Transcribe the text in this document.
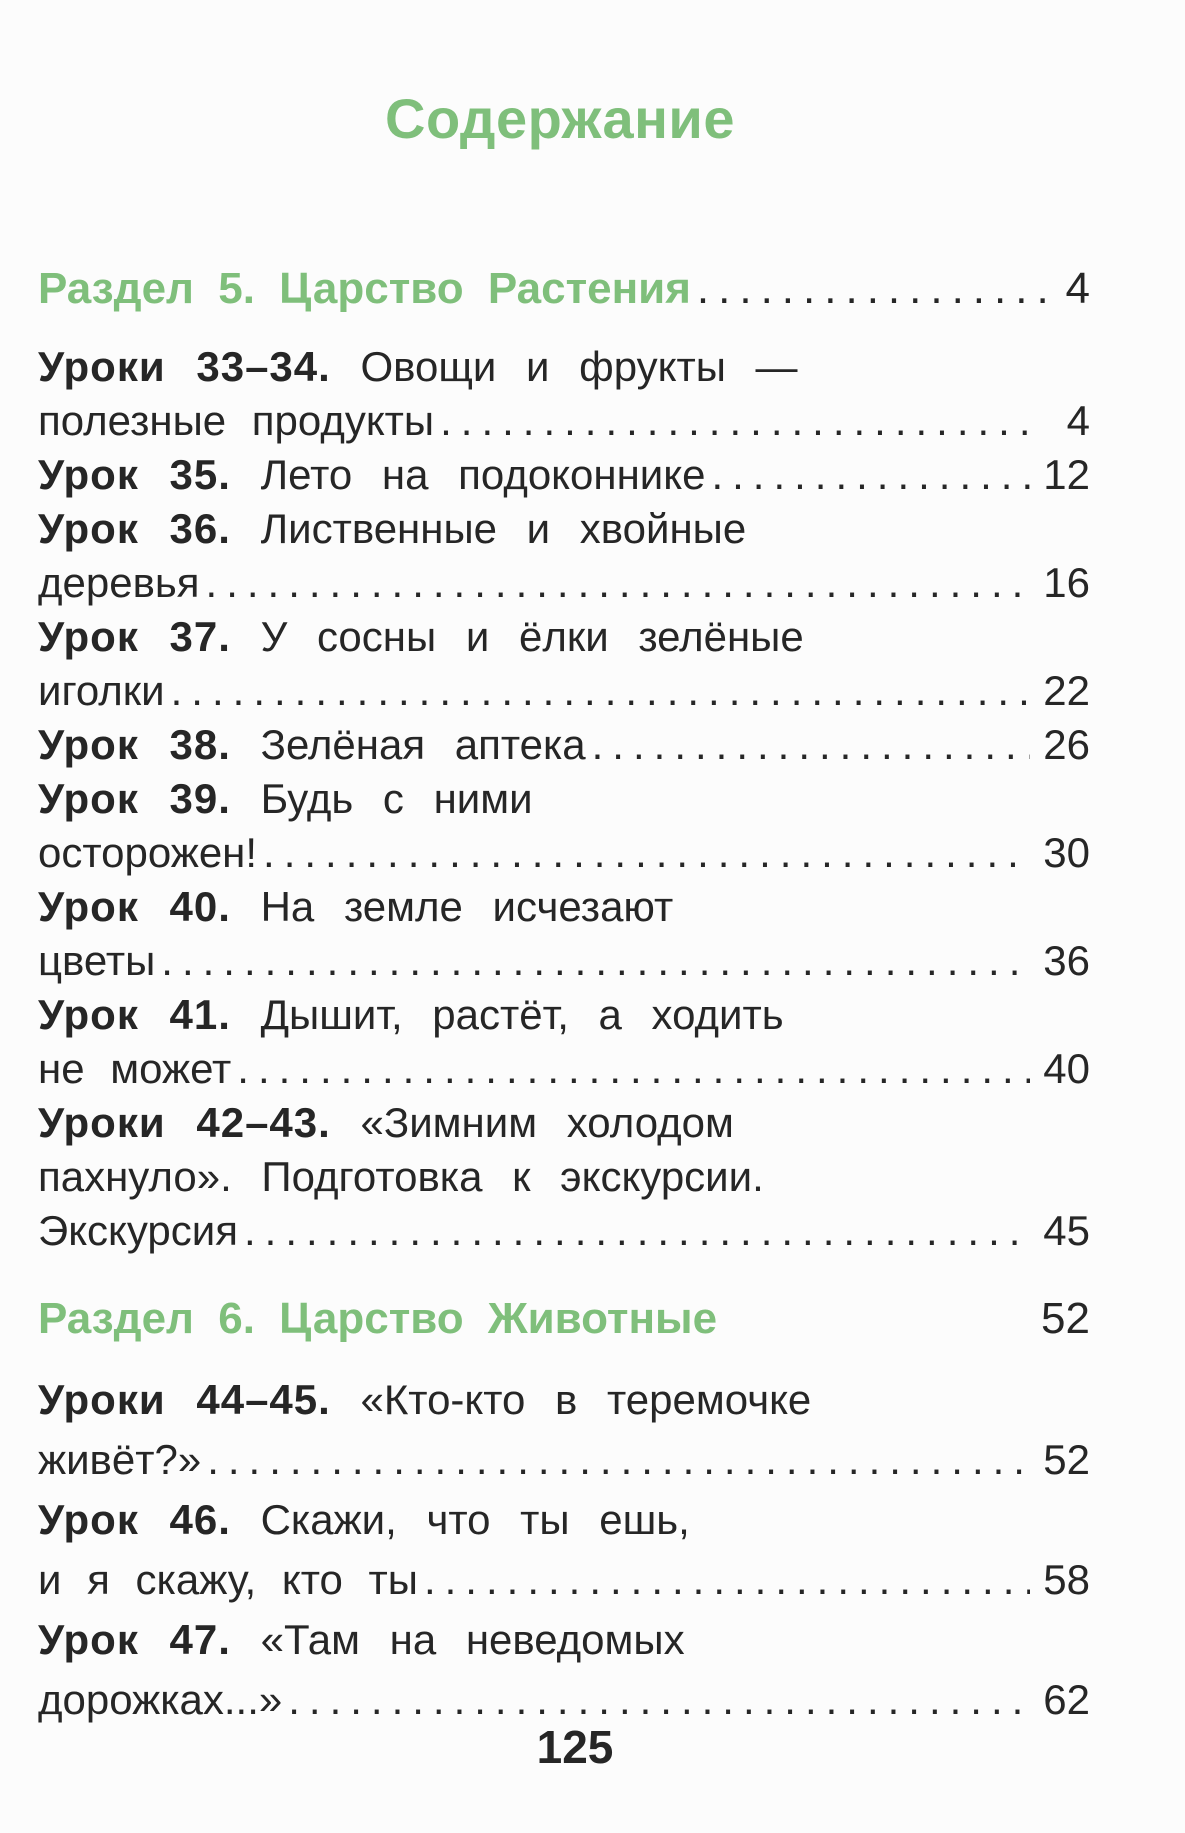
Содержание
Раздел 5. Царство Растения .....	4
Уроки 33–34. Овощи и фрукты —
полезные продукты .....	4
Урок 35. Лето на подоконнике .....	12
Урок 36. Лиственные и хвойные
деревья .....	16
Урок 37. У сосны и ёлки зелёные
иголки .....	22
Урок 38. Зелёная аптека .....	26
Урок 39. Будь с ними
осторожен! .....	30
Урок 40. На земле исчезают
цветы .....	36
Урок 41. Дышит, растёт, а ходить
не может .....	40
Уроки 42–43. «Зимним холодом
пахнуло». Подготовка к экскурсии.
Экскурсия .....	45
Раздел 6. Царство Животные	52
Уроки 44–45. «Кто-кто в теремочке
живёт?» .....	52
Урок 46. Скажи, что ты ешь,
и я скажу, кто ты .....	58
Урок 47. «Там на неведомых
дорожках...» .....	62
125
